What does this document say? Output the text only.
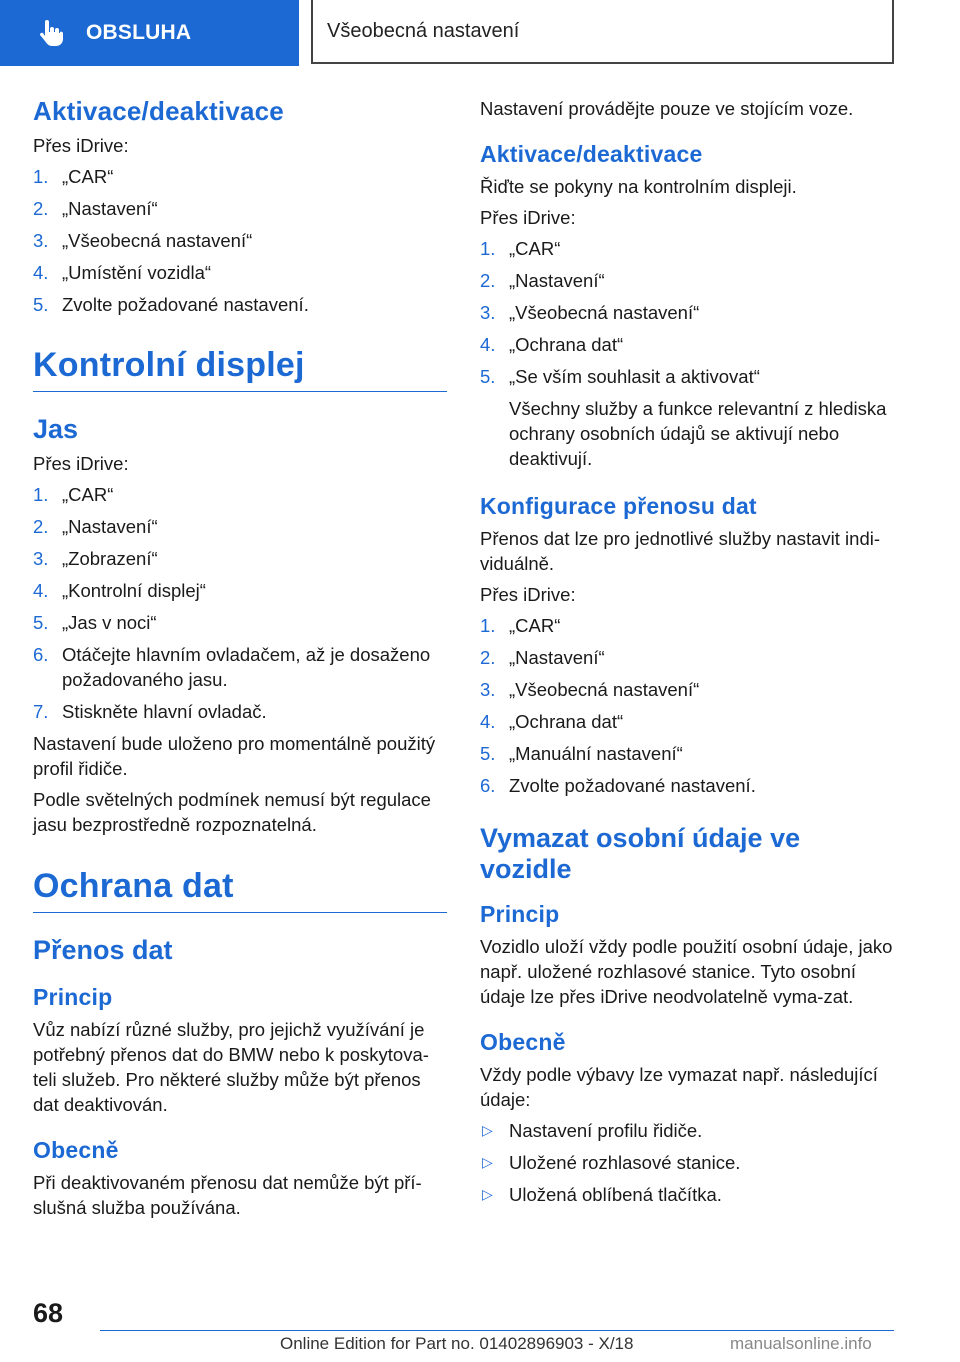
OBSLUHA	Všeobecná nastavení
Aktivace/deaktivace

Přes iDrive:

1. „CAR“
2. „Nastavení“
3. „Všeobecná nastavení“
4. „Umístění vozidla“
5. Zvolte požadované nastavení.
Kontrolní displej
Jas

Přes iDrive:

1. „CAR“
2. „Nastavení“
3. „Zobrazení“
4. „Kontrolní displej“
5. „Jas v noci“
6. Otáčejte hlavním ovladačem, až je dosaženo požadovaného jasu.
7. Stiskněte hlavní ovladač.

Nastavení bude uloženo pro momentálně použitý profil řidiče.

Podle světelných podmínek nemusí být regulace jasu bezprostředně rozpoznatelná.

Ochrana dat
Přenos dat
Princip

Vůz nabízí různé služby, pro jejichž využívání je potřebný přenos dat do BMW nebo k poskytova‐teli služeb. Pro některé služby může být přenos dat deaktivován.

Obecně

Při deaktivovaném přenosu dat nemůže být pří‐slušná služba používána.

Nastavení provádějte pouze ve stojícím voze.

Aktivace/deaktivace

Řiďte se pokyny na kontrolním displeji.

Přes iDrive:

1. „CAR“
2. „Nastavení“
3. „Všeobecná nastavení“
4. „Ochrana dat“
5. „Se vším souhlasit a aktivovat“

Všechny služby a funkce relevantní z hlediska ochrany osobních údajů se aktivují nebo deaktivují.

Konfigurace přenosu dat

Přenos dat lze pro jednotlivé služby nastavit indi‐viduálně.

Přes iDrive:

1. „CAR“
2. „Nastavení“
3. „Všeobecná nastavení“
4. „Ochrana dat“
5. „Manuální nastavení“
6. Zvolte požadované nastavení.
Vymazat osobní údaje ve vozidle
Princip

Vozidlo uloží vždy podle použití osobní údaje, jako např. uložené rozhlasové stanice. Tyto osobní údaje lze přes iDrive neodvolatelně vyma‐zat.

Obecně

Vždy podle výbavy lze vymazat např. následující údaje:

▷ Nastavení profilu řidiče.
▷ Uložené rozhlasové stanice.
▷ Uložená oblíbená tlačítka.
68
Online Edition for Part no. 01402896903 - X/18	manualsonline.info
